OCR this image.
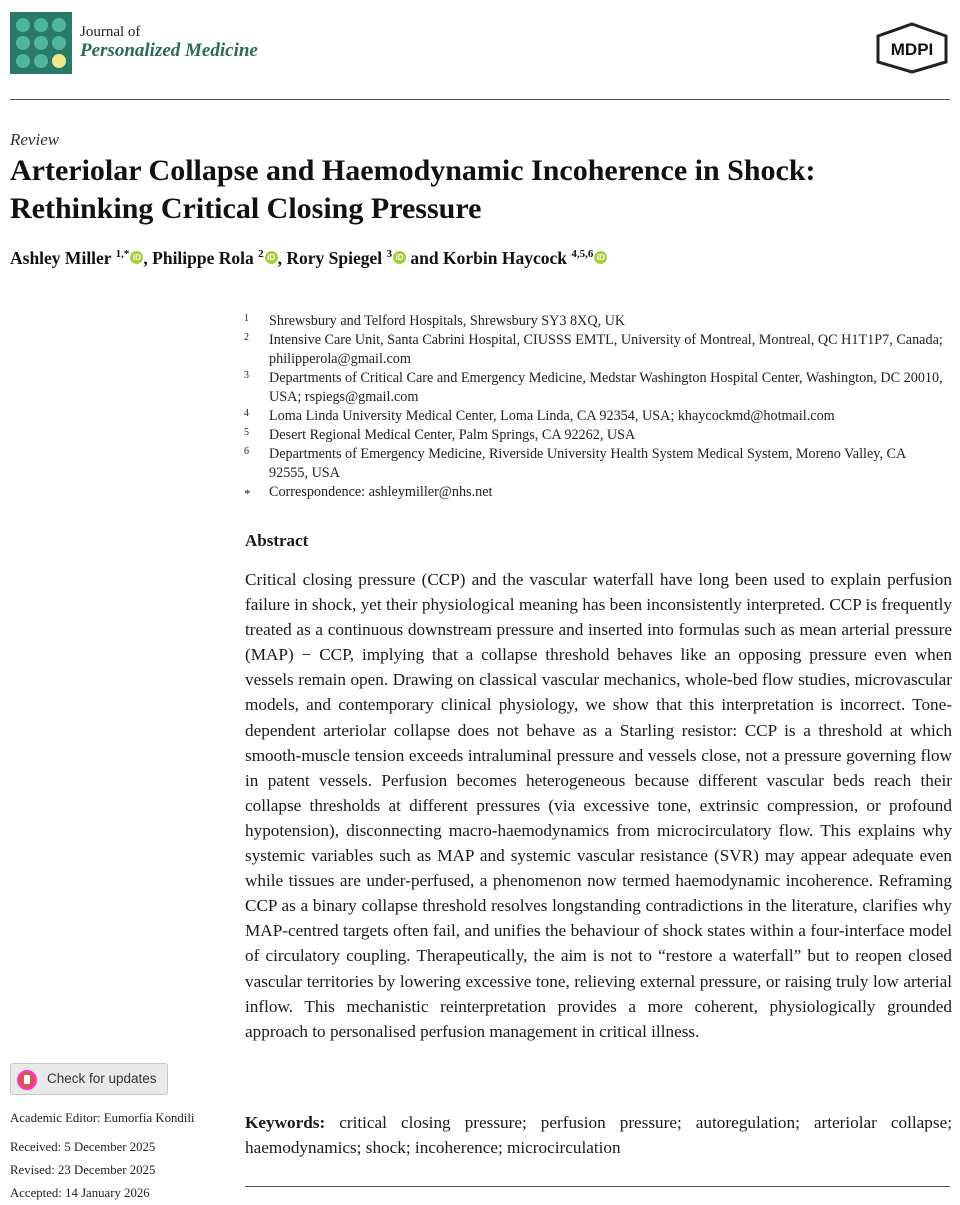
Journal of
Personalized Medicine	MDPI
Review
Arteriolar Collapse and Haemodynamic Incoherence in Shock: Rethinking Critical Closing Pressure
Ashley Miller $^{1,*}$ iD , Philippe Rola $^2$ iD , Rory Spiegel $^3$ iD and Korbin Haycock $^{4,5,6}$ iD
1 Shrewsbury and Telford Hospitals, Shrewsbury SY3 8XQ, UK
2 Intensive Care Unit, Santa Cabrini Hospital, CIUSSS EMTL, University of Montreal, Montreal, QC H1T1P7, Canada; philipperola@gmail.com
3 Departments of Critical Care and Emergency Medicine, Medstar Washington Hospital Center, Washington, DC 20010, USA; rspiegs@gmail.com
4 Loma Linda University Medical Center, Loma Linda, CA 92354, USA; khaycockmd@hotmail.com
5 Desert Regional Medical Center, Palm Springs, CA 92262, USA
6 Departments of Emergency Medicine, Riverside University Health System Medical System, Moreno Valley, CA 92555, USA
* Correspondence: ashleymiller@nhs.net
Abstract
Critical closing pressure (CCP) and the vascular waterfall have long been used to explain perfusion failure in shock, yet their physiological meaning has been inconsistently interpreted. CCP is frequently treated as a continuous downstream pressure and inserted into formulas such as mean arterial pressure (MAP) − CCP, implying that a collapse threshold behaves like an opposing pressure even when vessels remain open. Drawing on classical vascular mechanics, whole-bed flow studies, microvascular models, and contemporary clinical physiology, we show that this interpretation is incorrect. Tone-dependent arteriolar collapse does not behave as a Starling resistor: CCP is a threshold at which smooth-muscle tension exceeds intraluminal pressure and vessels close, not a pressure governing flow in patent vessels. Perfusion becomes heterogeneous because different vascular beds reach their collapse thresholds at different pressures (via excessive tone, extrinsic compression, or profound hypotension), disconnecting macro-haemodynamics from microcirculatory flow. This explains why systemic variables such as MAP and systemic vascular resistance (SVR) may appear adequate even while tissues are under-perfused, a phenomenon now termed haemodynamic incoherence. Reframing CCP as a binary collapse threshold resolves longstanding contradictions in the literature, clarifies why MAP-centred targets often fail, and unifies the behaviour of shock states within a four-interface model of circulatory coupling. Therapeutically, the aim is not to “restore a waterfall” but to reopen closed vascular territories by lowering excessive tone, relieving external pressure, or raising truly low arterial inflow. This mechanistic reinterpretation provides a more coherent, physiologically grounded approach to personalised perfusion management in critical illness.
Keywords: critical closing pressure; perfusion pressure; autoregulation; arteriolar collapse; haemodynamics; shock; incoherence; microcirculation
Check for updates
Academic Editor: Eumorfia Kondili
Received: 5 December 2025
Revised: 23 December 2025
Accepted: 14 January 2026
